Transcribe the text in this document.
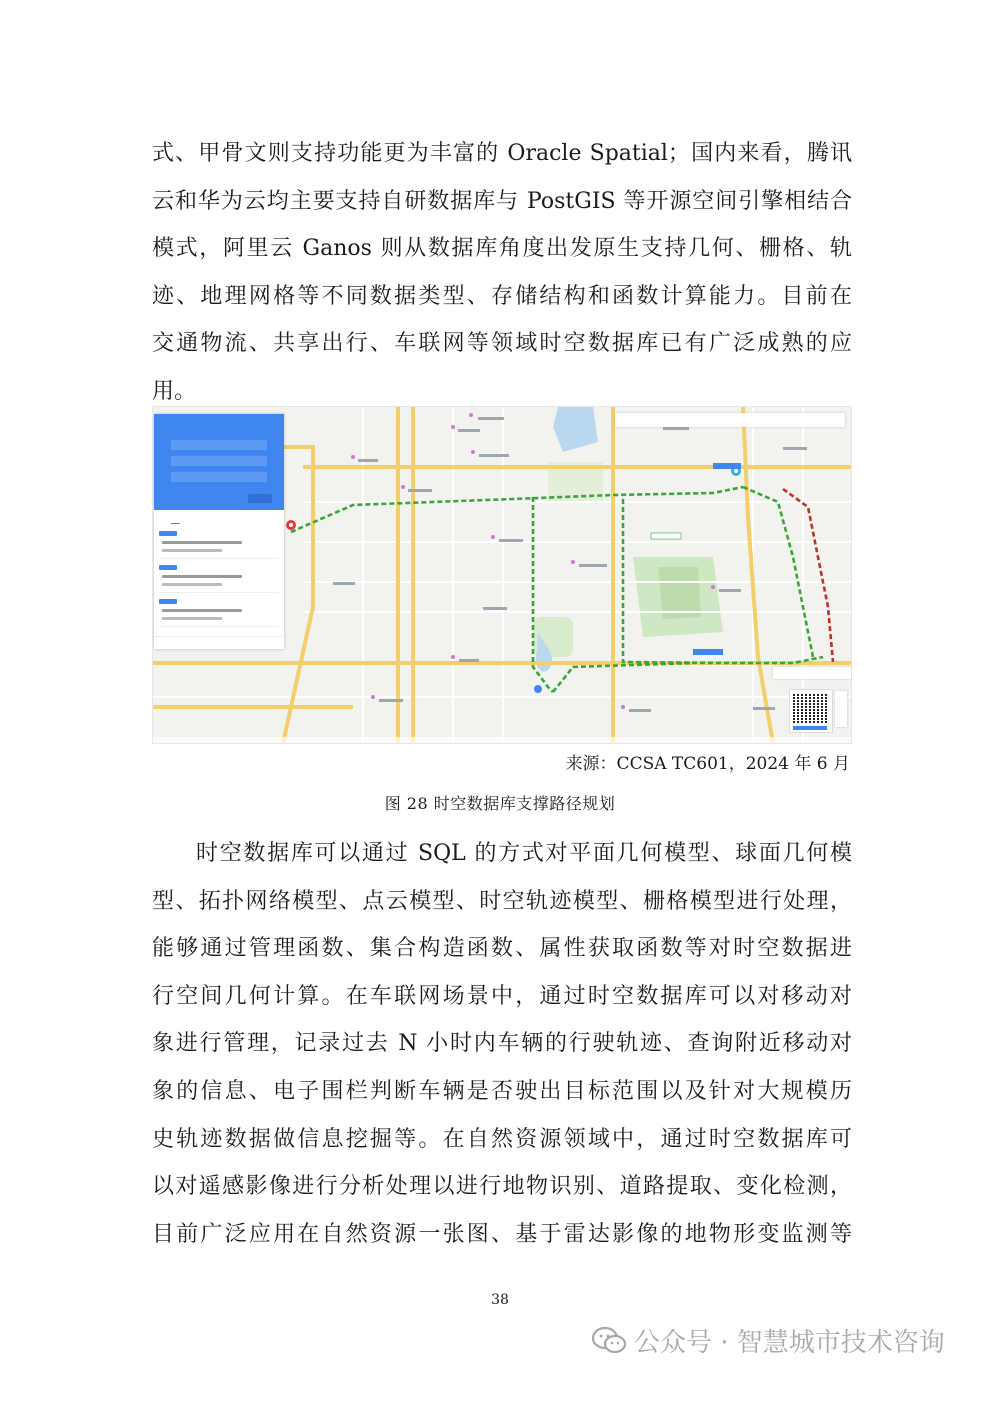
式、甲骨文则支持功能更为丰富的 Oracle Spatial；国内来看，腾讯
云和华为云均主要支持自研数据库与 PostGIS 等开源空间引擎相结合
模式，阿里云 Ganos 则从数据库角度出发原生支持几何、栅格、轨
迹、地理网格等不同数据类型、存储结构和函数计算能力。目前在
交通物流、共享出行、车联网等领域时空数据库已有广泛成熟的应
用。

来源：CCSA TC601，2024 年 6 月

图 28 时空数据库支撑路径规划

时空数据库可以通过 SQL 的方式对平面几何模型、球面几何模
型、拓扑网络模型、点云模型、时空轨迹模型、栅格模型进行处理，
能够通过管理函数、集合构造函数、属性获取函数等对时空数据进
行空间几何计算。在车联网场景中，通过时空数据库可以对移动对
象进行管理，记录过去 N 小时内车辆的行驶轨迹、查询附近移动对
象的信息、电子围栏判断车辆是否驶出目标范围以及针对大规模历
史轨迹数据做信息挖掘等。在自然资源领域中，通过时空数据库可
以对遥感影像进行分析处理以进行地物识别、道路提取、变化检测，
目前广泛应用在自然资源一张图、基于雷达影像的地物形变监测等
38
公众号 · 智慧城市技术咨询
